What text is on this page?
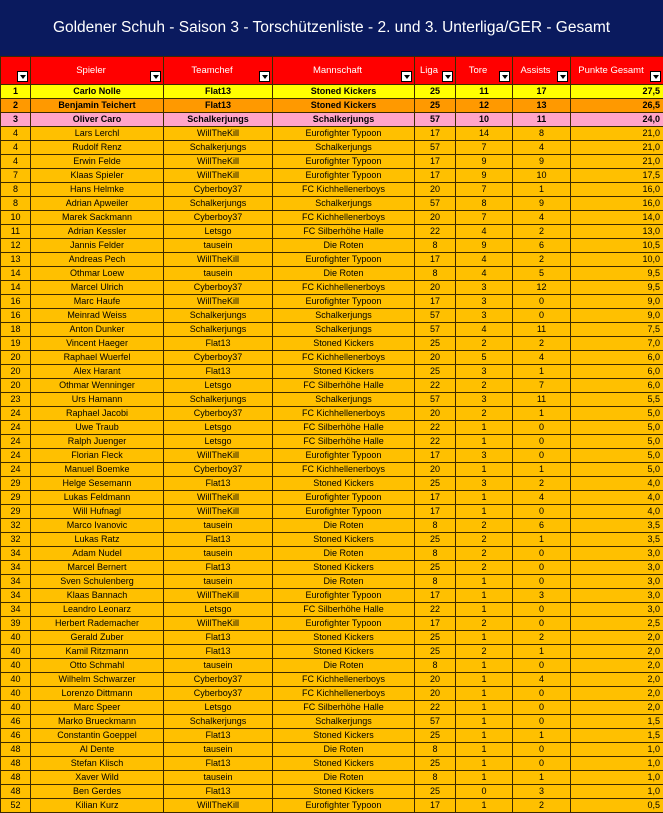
Goldener Schuh - Saison 3 - Torschützenliste - 2. und 3. Unterliga/GER - Gesamt

	Spieler	Teamchef	Mannschaft	Liga	Tore	Assists	Punkte Gesamt

1	Carlo Nolle	Flat13	Stoned Kickers	25	11	17	27,5
2	Benjamin Teichert	Flat13	Stoned Kickers	25	12	13	26,5
3	Oliver Caro	Schalkerjungs	Schalkerjungs	57	10	11	24,0
4	Lars Lerchl	WillTheKill	Eurofighter Typoon	17	14	8	21,0
4	Rudolf Renz	Schalkerjungs	Schalkerjungs	57	7	4	21,0
4	Erwin Felde	WillTheKill	Eurofighter Typoon	17	9	9	21,0
7	Klaas Spieler	WillTheKill	Eurofighter Typoon	17	9	10	17,5
8	Hans Helmke	Cyberboy37	FC Kichhellenerboys	20	7	1	16,0
8	Adrian Apweiler	Schalkerjungs	Schalkerjungs	57	8	9	16,0
10	Marek Sackmann	Cyberboy37	FC Kichhellenerboys	20	7	4	14,0
11	Adrian Kessler	Letsgo	FC Silberhöhe Halle	22	4	2	13,0
12	Jannis Felder	tausein	Die Roten	8	9	6	10,5
13	Andreas Pech	WillTheKill	Eurofighter Typoon	17	4	2	10,0
14	Othmar Loew	tausein	Die Roten	8	4	5	9,5
14	Marcel Ulrich	Cyberboy37	FC Kichhellenerboys	20	3	12	9,5
16	Marc Haufe	WillTheKill	Eurofighter Typoon	17	3	0	9,0
16	Meinrad Weiss	Schalkerjungs	Schalkerjungs	57	3	0	9,0
18	Anton Dunker	Schalkerjungs	Schalkerjungs	57	4	11	7,5
19	Vincent Haeger	Flat13	Stoned Kickers	25	2	2	7,0
20	Raphael Wuerfel	Cyberboy37	FC Kichhellenerboys	20	5	4	6,0
20	Alex Harant	Flat13	Stoned Kickers	25	3	1	6,0
20	Othmar Wenninger	Letsgo	FC Silberhöhe Halle	22	2	7	6,0
23	Urs Hamann	Schalkerjungs	Schalkerjungs	57	3	11	5,5
24	Raphael Jacobi	Cyberboy37	FC Kichhellenerboys	20	2	1	5,0
24	Uwe Traub	Letsgo	FC Silberhöhe Halle	22	1	0	5,0
24	Ralph Juenger	Letsgo	FC Silberhöhe Halle	22	1	0	5,0
24	Florian Fleck	WillTheKill	Eurofighter Typoon	17	3	0	5,0
24	Manuel Boemke	Cyberboy37	FC Kichhellenerboys	20	1	1	5,0
29	Helge Sesemann	Flat13	Stoned Kickers	25	3	2	4,0
29	Lukas Feldmann	WillTheKill	Eurofighter Typoon	17	1	4	4,0
29	Will Hufnagl	WillTheKill	Eurofighter Typoon	17	1	0	4,0
32	Marco Ivanovic	tausein	Die Roten	8	2	6	3,5
32	Lukas Ratz	Flat13	Stoned Kickers	25	2	1	3,5
34	Adam Nudel	tausein	Die Roten	8	2	0	3,0
34	Marcel Bernert	Flat13	Stoned Kickers	25	2	0	3,0
34	Sven Schulenberg	tausein	Die Roten	8	1	0	3,0
34	Klaas Bannach	WillTheKill	Eurofighter Typoon	17	1	3	3,0
34	Leandro Leonarz	Letsgo	FC Silberhöhe Halle	22	1	0	3,0
39	Herbert Rademacher	WillTheKill	Eurofighter Typoon	17	2	0	2,5
40	Gerald Zuber	Flat13	Stoned Kickers	25	1	2	2,0
40	Kamil Ritzmann	Flat13	Stoned Kickers	25	2	1	2,0
40	Otto Schmahl	tausein	Die Roten	8	1	0	2,0
40	Wilhelm Schwarzer	Cyberboy37	FC Kichhellenerboys	20	1	4	2,0
40	Lorenzo Dittmann	Cyberboy37	FC Kichhellenerboys	20	1	0	2,0
40	Marc Speer	Letsgo	FC Silberhöhe Halle	22	1	0	2,0
46	Marko Brueckmann	Schalkerjungs	Schalkerjungs	57	1	0	1,5
46	Constantin Goeppel	Flat13	Stoned Kickers	25	1	1	1,5
48	Al Dente	tausein	Die Roten	8	1	0	1,0
48	Stefan Klisch	Flat13	Stoned Kickers	25	1	0	1,0
48	Xaver Wild	tausein	Die Roten	8	1	1	1,0
48	Ben Gerdes	Flat13	Stoned Kickers	25	0	3	1,0
52	Kilian Kurz	WillTheKill	Eurofighter Typoon	17	1	2	0,5
